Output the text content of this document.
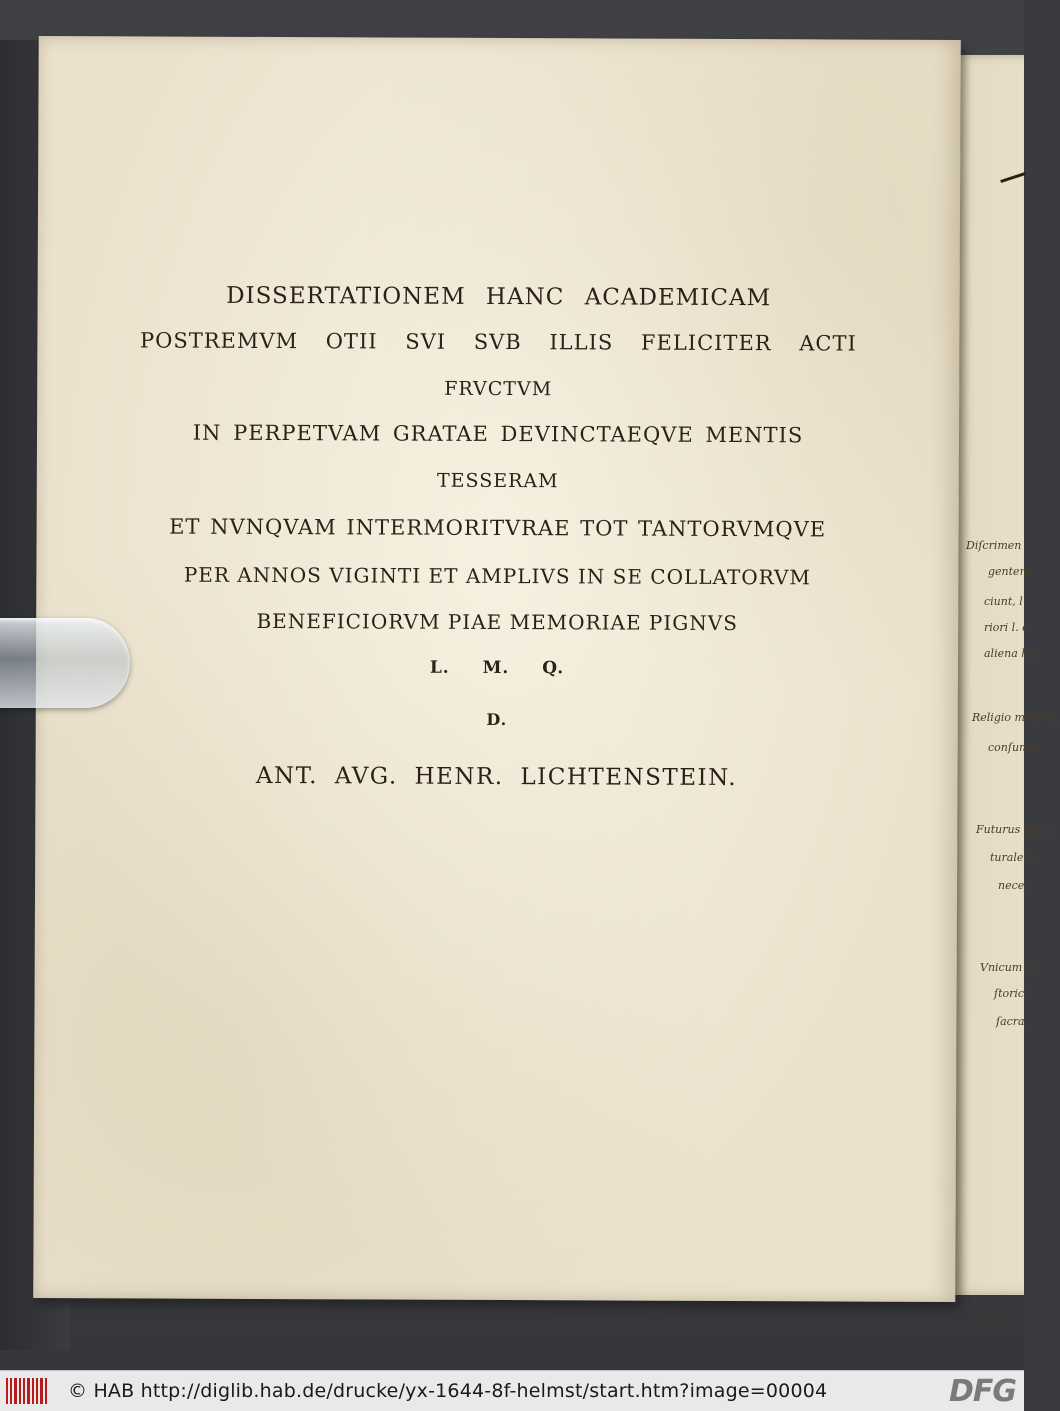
Diſcrimen
gentem
ciunt, l
riori l. e.
aliena hu
Religio mere na
conſumm
Futurus admi
turalem
neceſ
Vnicum et
ſtorica
ſacra,
DISSERTATIONEM HANC ACADEMICAM
POSTREMVM OTII SVI SVB ILLIS FELICITER ACTI
FRVCTVM
IN PERPETVAM GRATAE DEVINCTAEQVE MENTIS
TESSERAM
ET NVNQVAM INTERMORITVRAE TOT TANTORVMQVE
PER ANNOS VIGINTI ET AMPLIVS IN SE COLLATORVM
BENEFICIORVM PIAE MEMORIAE PIGNVS
L. M. Q.
D.
ANT. AVG. HENR. LICHTENSTEIN.
© HAB http://diglib.hab.de/drucke/yx-1644-8f-helmst/start.htm?image=00004	DFG
